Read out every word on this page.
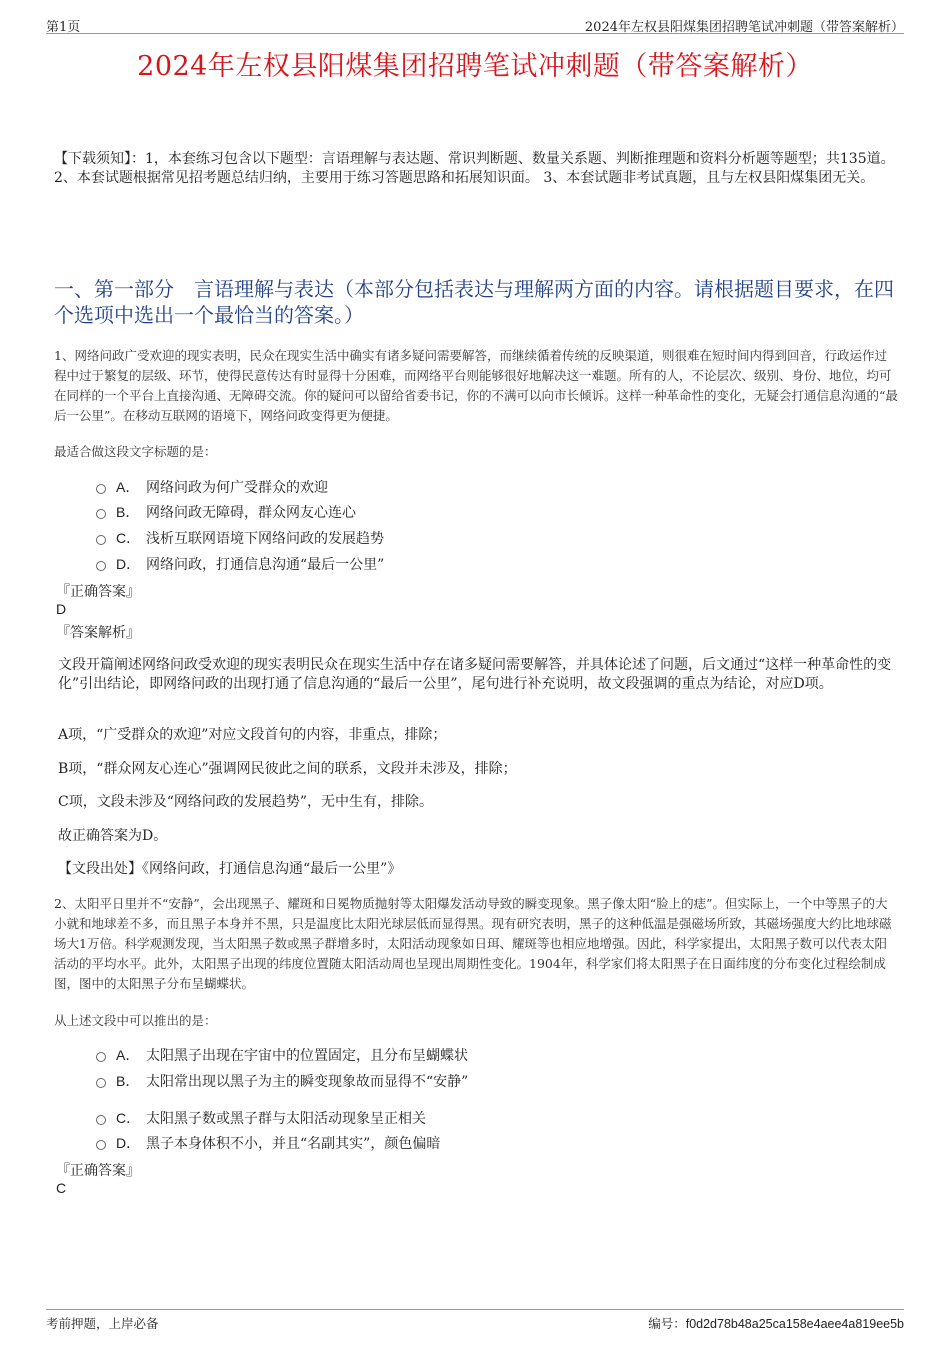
第1页	2024年左权县阳煤集团招聘笔试冲刺题（带答案解析）
2024年左权县阳煤集团招聘笔试冲刺题（带答案解析）
【下载须知】：1，本套练习包含以下题型：言语理解与表达题、常识判断题、数量关系题、判断推理题和资料分析题等题型；共135道。 2、本套试题根据常见招考题总结归纳，主要用于练习答题思路和拓展知识面。 3、本套试题非考试真题，且与左权县阳煤集团无关。
一、第一部分　言语理解与表达（本部分包括表达与理解两方面的内容。请根据题目要求，在四个选项中选出一个最恰当的答案。）
1、网络问政广受欢迎的现实表明，民众在现实生活中确实有诸多疑问需要解答，而继续循着传统的反映渠道，则很难在短时间内得到回音，行政运作过程中过于繁复的层级、环节，使得民意传达有时显得十分困难，而网络平台则能够很好地解决这一难题。所有的人，不论层次、级别、身份、地位，均可在同样的一个平台上直接沟通、无障碍交流。你的疑问可以留给省委书记，你的不满可以向市长倾诉。这样一种革命性的变化，无疑会打通信息沟通的“最后一公里”。在移动互联网的语境下，网络问政变得更为便捷。
最适合做这段文字标题的是：
A． 网络问政为何广受群众的欢迎
B． 网络问政无障碍，群众网友心连心
C． 浅析互联网语境下网络问政的发展趋势
D． 网络问政，打通信息沟通“最后一公里”
『正确答案』
D
『答案解析』
文段开篇阐述网络问政受欢迎的现实表明民众在现实生活中存在诸多疑问需要解答，并具体论述了问题，后文通过“这样一种革命性的变化”引出结论，即网络问政的出现打通了信息沟通的“最后一公里”，尾句进行补充说明，故文段强调的重点为结论，对应D项。
A项，“广受群众的欢迎”对应文段首句的内容，非重点，排除；
B项，“群众网友心连心”强调网民彼此之间的联系，文段并未涉及，排除；
C项，文段未涉及“网络问政的发展趋势”，无中生有，排除。
故正确答案为D。
【文段出处】《网络问政，打通信息沟通“最后一公里”》
2、太阳平日里并不“安静”，会出现黑子、耀斑和日冕物质抛射等太阳爆发活动导致的瞬变现象。黑子像太阳“脸上的痣”。但实际上，一个中等黑子的大小就和地球差不多，而且黑子本身并不黑，只是温度比太阳光球层低而显得黑。现有研究表明，黑子的这种低温是强磁场所致，其磁场强度大约比地球磁场大1万倍。科学观测发现，当太阳黑子数或黑子群增多时，太阳活动现象如日珥、耀斑等也相应地增强。因此，科学家提出，太阳黑子数可以代表太阳活动的平均水平。此外，太阳黑子出现的纬度位置随太阳活动周也呈现出周期性变化。1904年，科学家们将太阳黑子在日面纬度的分布变化过程绘制成图，图中的太阳黑子分布呈蝴蝶状。
从上述文段中可以推出的是：
A． 太阳黑子出现在宇宙中的位置固定，且分布呈蝴蝶状
B． 太阳常出现以黑子为主的瞬变现象故而显得不“安静”
C． 太阳黑子数或黑子群与太阳活动现象呈正相关
D． 黑子本身体积不小，并且“名副其实”，颜色偏暗
『正确答案』
C
考前押题，上岸必备	编号：f0d2d78b48a25ca158e4aee4a819ee5b
